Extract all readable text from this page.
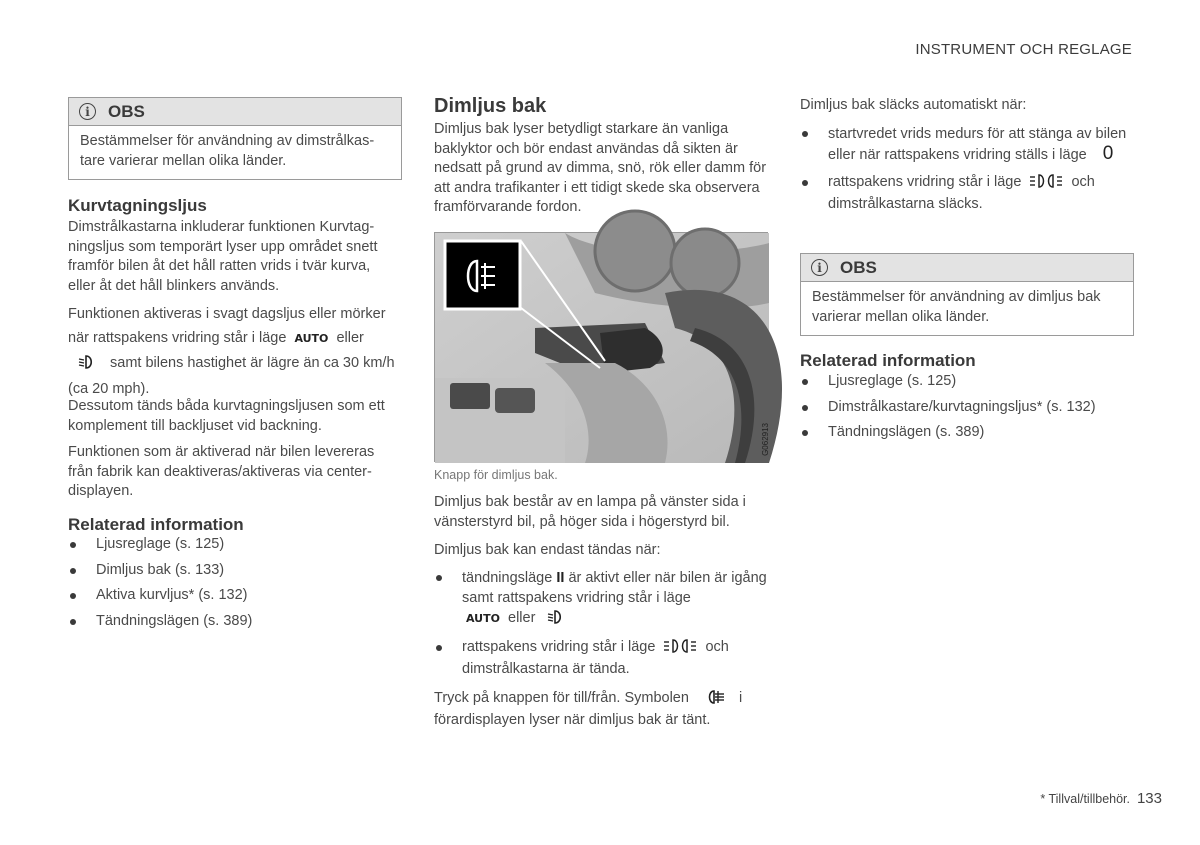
INSTRUMENT OCH REGLAGE
i	OBS

Bestämmelser för användning av dimstrålkas-tare varierar mellan olika länder.

Kurvtagningsljus

Dimstrålkastarna inkluderar funktionen Kurvtag-ningsljus som temporärt lyser upp området snett framför bilen åt det håll ratten vrids i tvär kurva, eller åt det håll blinkers används.

Funktionen aktiveras i svagt dagsljus eller mörker när rattspakens vridring står i läge AUTO eller
samt bilens hastighet är lägre än ca 30 km/h (ca 20 mph).

Dessutom tänds båda kurvtagningsljusen som ett komplement till backljuset vid backning.

Funktionen som är aktiverad när bilen levereras från fabrik kan deaktiveras/aktiveras via center-displayen.

Relaterad information
Ljusreglage (s. 125)
Dimljus bak (s. 133)
Aktiva kurvljus* (s. 132)
Tändningslägen (s. 389)
Dimljus bak

Dimljus bak lyser betydligt starkare än vanliga baklyktor och bör endast användas då sikten är nedsatt på grund av dimma, snö, rök eller damm för att andra trafikanter i ett tidigt skede ska observera framförvarande fordon.

G062913
Knapp för dimljus bak.

Dimljus bak består av en lampa på vänster sida i vänsterstyrd bil, på höger sida i högerstyrd bil.

Dimljus bak kan endast tändas när:

tändningsläge II är aktivt eller när bilen är igång samt rattspakens vridring står i läge
AUTO eller
rattspakens vridring står i läge	och dimstrålkastarna är tända.

Tryck på knappen för till/från. Symbolen	i förardisplayen lyser när dimljus bak är tänt.

Dimljus bak släcks automatiskt när:

startvredet vrids medurs för att stänga av bilen eller när rattspakens vridring ställs i läge 0
rattspakens vridring står i läge	och dimstrålkastarna släcks.
i	OBS

Bestämmelser för användning av dimljus bak varierar mellan olika länder.

Relaterad information
Ljusreglage (s. 125)
Dimstrålkastare/kurvtagningsljus* (s. 132)
Tändningslägen (s. 389)
* Tillval/tillbehör. 133
